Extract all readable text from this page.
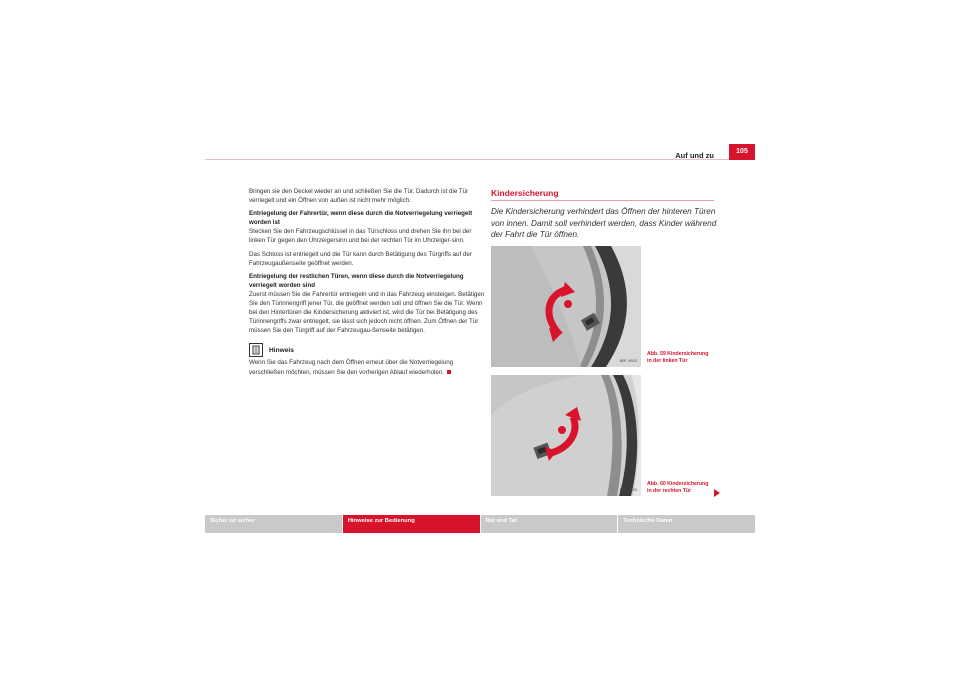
Auf und zu	105

Bringen sie den Deckel wieder an und schließen Sie die Tür. Dadurch ist die Tür verriegelt und ein Öffnen von außen ist nicht mehr möglich.

Entriegelung der Fahrertür, wenn diese durch die Notverriegelung verriegelt worden ist

Stecken Sie den Fahrzeugschlüssel in das Türschloss und drehen Sie ihn bei der linken Tür gegen den Uhrzeigersinn und bei der rechten Tür im Uhrzeiger-sinn.

Das Schloss ist entriegelt und die Tür kann durch Betätigung des Türgriffs auf der Fahrzeugaußenseite geöffnet werden.

Entriegelung der restlichen Türen, wenn diese durch die Notverriegelung verriegelt worden sind

Zuerst müssen Sie die Fahrertür entriegeln und in das Fahrzeug einsteigen. Betätigen Sie den Türinnengriff jener Tür, die geöffnet werden soll und öffnen Sie die Tür. Wenn bei den Hintertüren die Kindersicherung aktiviert ist, wird die Tür bei Betätigung des Türinnengriffs zwar entriegelt, sie lässt sich jedoch nicht öffnen. Zum Öffnen der Tür müssen Sie den Türgriff auf der Fahrzeugau-ßenseite betätigen.

Hinweis

Wenn Sie das Fahrzeug nach dem Öffnen erneut über die Notverriegelung verschließen möchten, müssen Sie den vorherigen Ablauf wiederholen.

Kindersicherung
Die Kindersicherung verhindert das Öffnen der hinteren Türen von innen. Damit soll verhindert werden, dass Kinder während der Fahrt die Tür öffnen.
B5P-0022
Abb. 59 Kindersicherung
in der linken Tür
B5P-0023
Abb. 60 Kindersicherung
in der rechten Tür
Sicher ist sicher	Hinweise zur Bedienung	Rat und Tat	Technische Daten
